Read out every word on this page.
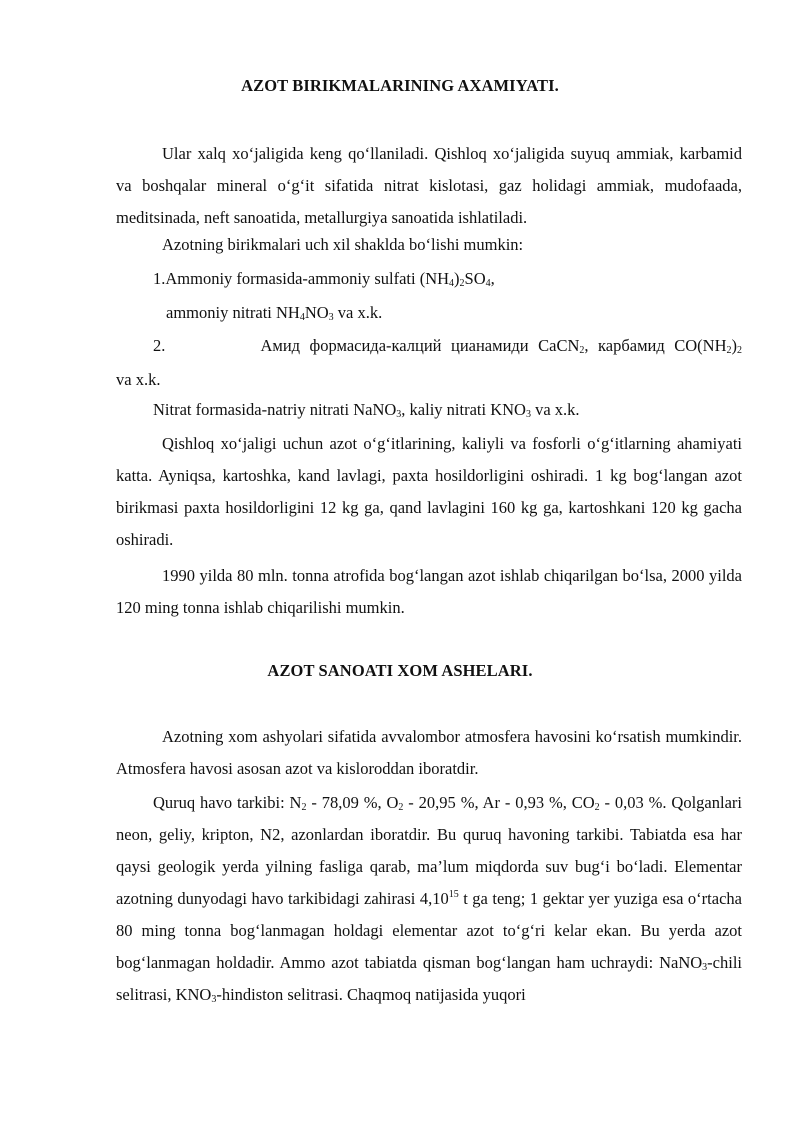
AZOT BIRIKMALARINING AXAMIYATI.
Ular xalq xo‘jaligida keng qo‘llaniladi. Qishloq xo‘jaligida suyuq ammiak, karbamid va boshqalar mineral o‘g‘it sifatida nitrat kislotasi, gaz holidagi ammiak, mudofaada, meditsinada, neft sanoatida, metallurgiya sanoatida ishlatiladi.
Azotning birikmalari uch xil shaklda bo‘lishi mumkin:
1.Ammoniy formasida-ammoniy sulfati $(NH_4)_2SO_4$,
ammoniy nitrati $NH_4NO_3$ va x.k.
2.	Амид формасида-калций цианамиди CaCN$_2$, карбамид $CO(NH_2)_2$
va x.k.
Nitrat formasida-natriy nitrati NaNO$_3$, kaliy nitrati $KNO_3$ va x.k.
Qishloq xo‘jaligi uchun azot o‘g‘itlarining, kaliyli va fosforli o‘g‘itlarning ahamiyati katta. Ayniqsa, kartoshka, kand lavlagi, paxta hosildorligini oshiradi. 1 kg bog‘langan azot birikmasi paxta hosildorligini 12 kg ga, qand lavlagini 160 kg ga, kartoshkani 120 kg gacha oshiradi.
1990 yilda 80 mln. tonna atrofida bog‘langan azot ishlab chiqarilgan bo‘lsa, 2000 yilda 120 ming tonna ishlab chiqarilishi mumkin.
AZOT SANOATI XOM ASHELARI.
Azotning xom ashyolari sifatida avvalombor atmosfera havosini ko‘rsatish mumkindir. Atmosfera havosi asosan azot va kisloroddan iboratdir.
Quruq havo tarkibi: $N_2 - 78,09$ %, $O_2 - 20,95$ %, Ar - 0,93 %, $CO_2 - 0,03$ %. Qolganlari neon, geliy, kripton, N2, azonlardan iboratdir. Bu quruq havoning tarkibi. Tabiatda esa har qaysi geologik yerda yilning fasliga qarab, ma’lum miqdorda suv bug‘i bo‘ladi. Elementar azotning dunyodagi havo tarkibidagi zahirasi 4,10$^{15}$ t ga teng; 1 gektar yer yuziga esa o‘rtacha 80 ming tonna bog‘lanmagan holdagi elementar azot to‘g‘ri kelar ekan. Bu yerda azot bog‘lanmagan holdadir. Ammo azot tabiatda qisman bog‘langan ham uchraydi: NaNO$_3$-chili selitrasi, $KNO_3$-hindiston selitrasi. Chaqmoq natijasida yuqori
